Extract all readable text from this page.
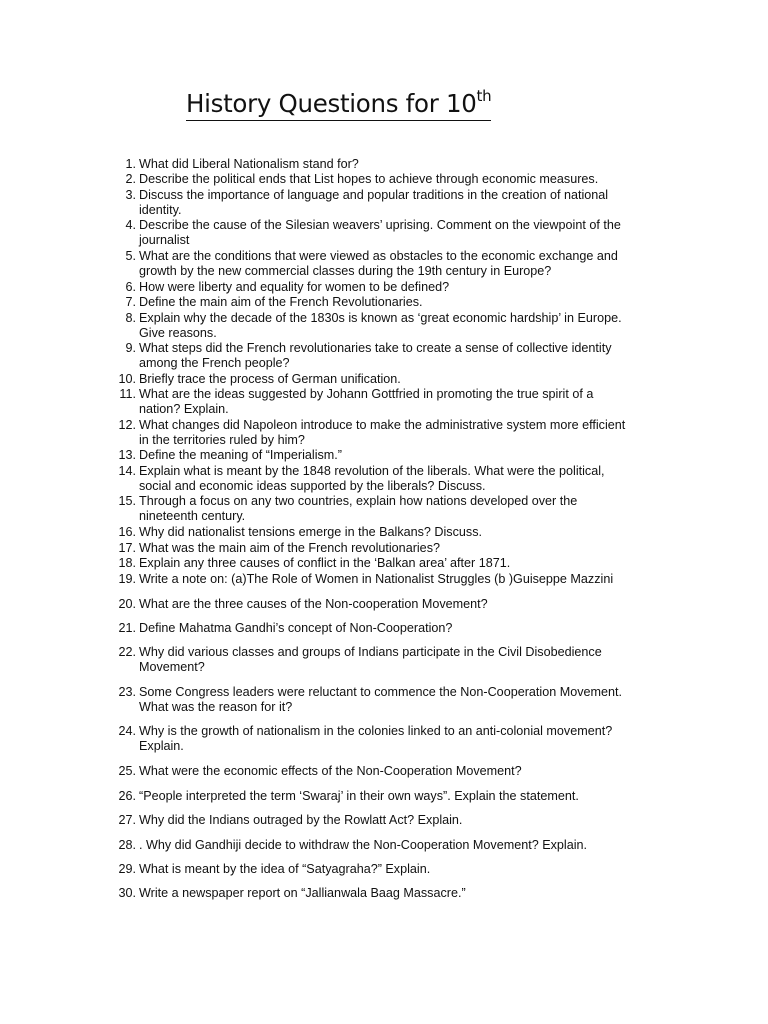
History Questions for 10th
1. What did Liberal Nationalism stand for?
2. Describe the political ends that List hopes to achieve through economic measures.
3. Discuss the importance of language and popular traditions in the creation of national
identity.
4. Describe the cause of the Silesian weavers’ uprising. Comment on the viewpoint of the
journalist
5. What are the conditions that were viewed as obstacles to the economic exchange and
growth by the new commercial classes during the 19th century in Europe?
6. How were liberty and equality for women to be defined?
7. Define the main aim of the French Revolutionaries.
8. Explain why the decade of the 1830s is known as ‘great economic hardship’ in Europe.
Give reasons.
9. What steps did the French revolutionaries take to create a sense of collective identity
among the French people?
10. Briefly trace the process of German unification.
11. What are the ideas suggested by Johann Gottfried in promoting the true spirit of a
nation? Explain.
12. What changes did Napoleon introduce to make the administrative system more efficient
in the territories ruled by him?
13. Define the meaning of “Imperialism.”
14. Explain what is meant by the 1848 revolution of the liberals. What were the political,
social and economic ideas supported by the liberals? Discuss.
15. Through a focus on any two countries, explain how nations developed over the
nineteenth century.
16. Why did nationalist tensions emerge in the Balkans? Discuss.
17. What was the main aim of the French revolutionaries?
18. Explain any three causes of conflict in the ‘Balkan area’ after 1871.
19. Write a note on: (a)The Role of Women in Nationalist Struggles (b )Guiseppe Mazzini
20. What are the three causes of the Non-cooperation Movement?
21. Define Mahatma Gandhi’s concept of Non-Cooperation?
22. Why did various classes and groups of Indians participate in the Civil Disobedience
Movement?
23. Some Congress leaders were reluctant to commence the Non-Cooperation Movement.
What was the reason for it?
24. Why is the growth of nationalism in the colonies linked to an anti-colonial movement?
Explain.
25. What were the economic effects of the Non-Cooperation Movement?
26. “People interpreted the term ‘Swaraj’ in their own ways”. Explain the statement.
27. Why did the Indians outraged by the Rowlatt Act? Explain.
28. . Why did Gandhiji decide to withdraw the Non-Cooperation Movement? Explain.
29. What is meant by the idea of “Satyagraha?” Explain.
30. Write a newspaper report on “Jallianwala Baag Massacre.”
